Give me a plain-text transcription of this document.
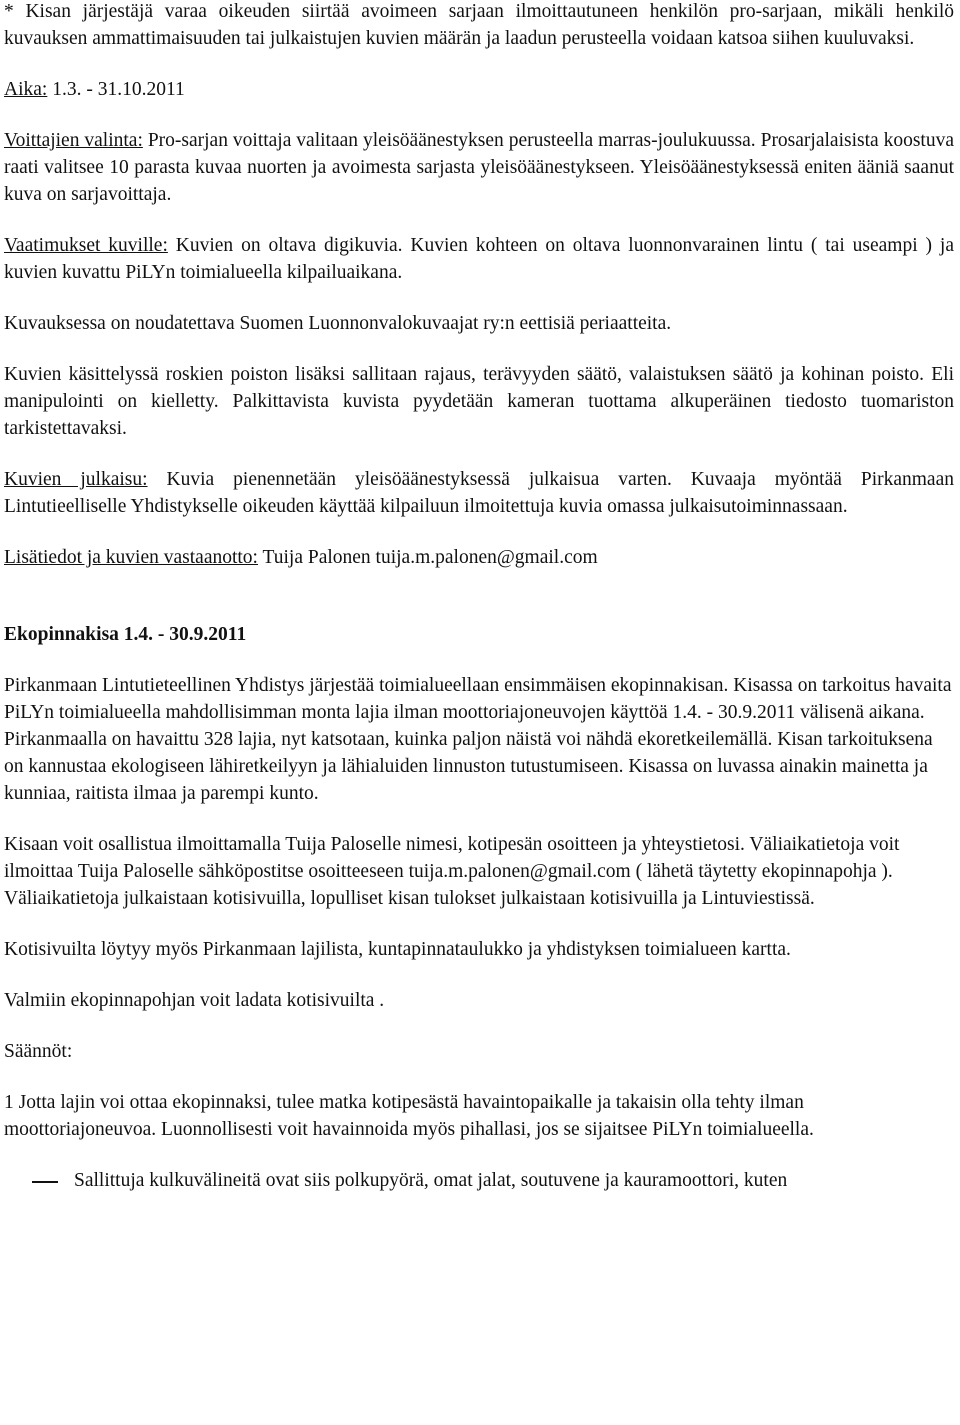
* Kisan järjestäjä varaa oikeuden siirtää avoimeen sarjaan ilmoittautuneen henkilön pro-sarjaan, mikäli henkilö kuvauksen ammattimaisuuden tai julkaistujen kuvien määrän ja laadun perusteella voidaan katsoa siihen kuuluvaksi.

Aika: 1.3. - 31.10.2011

Voittajien valinta: Pro-sarjan voittaja valitaan yleisöäänestyksen perusteella marras-joulukuussa. Prosarjalaisista koostuva raati valitsee 10 parasta kuvaa nuorten ja avoimesta sarjasta yleisöäänestykseen. Yleisöäänestyksessä eniten ääniä saanut kuva on sarjavoittaja.

Vaatimukset kuville: Kuvien on oltava digikuvia. Kuvien kohteen on oltava luonnonvarainen lintu ( tai useampi ) ja kuvien kuvattu PiLYn toimialueella kilpailuaikana.

Kuvauksessa on noudatettava Suomen Luonnonvalokuvaajat ry:n eettisiä periaatteita.

Kuvien käsittelyssä roskien poiston lisäksi sallitaan rajaus, terävyyden säätö, valaistuksen säätö ja kohinan poisto. Eli manipulointi on kielletty. Palkittavista kuvista pyydetään kameran tuottama alkuperäinen tiedosto tuomariston tarkistettavaksi.

Kuvien julkaisu: Kuvia pienennetään yleisöäänestyksessä julkaisua varten. Kuvaaja myöntää Pirkanmaan Lintutieelliselle Yhdistykselle oikeuden käyttää kilpailuun ilmoitettuja kuvia omassa julkaisutoiminnassaan.

Lisätiedot ja kuvien vastaanotto: Tuija Palonen tuija.m.palonen@gmail.com

Ekopinnakisa 1.4. - 30.9.2011

Pirkanmaan Lintutieteellinen Yhdistys järjestää toimialueellaan ensimmäisen ekopinnakisan. Kisassa on tarkoitus havaita PiLYn toimialueella mahdollisimman monta lajia ilman moottoriajoneuvojen käyttöä 1.4. - 30.9.2011 välisenä aikana. Pirkanmaalla on havaittu 328 lajia, nyt katsotaan, kuinka paljon näistä voi nähdä ekoretkeilemällä. Kisan tarkoituksena on kannustaa ekologiseen lähiretkeilyyn ja lähialuiden linnuston tutustumiseen. Kisassa on luvassa ainakin mainetta ja kunniaa, raitista ilmaa ja parempi kunto.

Kisaan voit osallistua ilmoittamalla Tuija Paloselle nimesi, kotipesän osoitteen ja yhteystietosi. Väliaikatietoja voit ilmoittaa Tuija Paloselle sähköpostitse osoitteeseen tuija.m.palonen@gmail.com ( lähetä täytetty ekopinnapohja ). Väliaikatietoja julkaistaan kotisivuilla, lopulliset kisan tulokset julkaistaan kotisivuilla ja Lintuviestissä.

Kotisivuilta löytyy myös Pirkanmaan lajilista, kuntapinnataulukko ja yhdistyksen toimialueen kartta.

Valmiin ekopinnapohjan voit ladata kotisivuilta .

Säännöt:

1 Jotta lajin voi ottaa ekopinnaksi, tulee matka kotipesästä havaintopaikalle ja takaisin olla tehty ilman moottoriajoneuvoa. Luonnollisesti voit havainnoida myös pihallasi, jos se sijaitsee PiLYn toimialueella.

Sallittuja kulkuvälineitä ovat siis polkupyörä, omat jalat, soutuvene ja kauramoottori, kuten
